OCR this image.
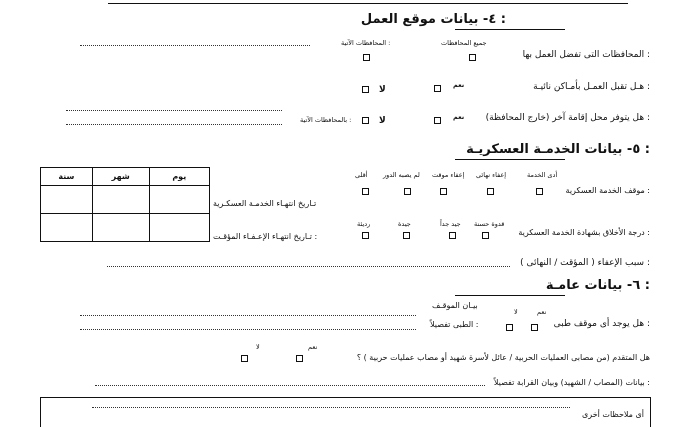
٤- بيانات موقع العمل :
جميع المحافظات
المحافظات الآتية :
المحافظات التى تفضل العمل بها :
هـل تقبل العمـل بأمـاكن نائيـة :
نعم
لا
هل يتوفر محل إقامة آخر (خارج المحافظة) :
نعم
لا
بالمحافظات الآتية :
٥- بيانات الخدمـة العسكريـة :
أدى الخدمة
إعفاء نهائى
إعفاء موقت
لم يصبه الدور
أقلى
موقف الخدمة العسكرية :
تـاريخ انتهـاء الخدمـة العسكـرية
قدوة حسنة
جيد جداً
جيدة
رديئة
درجة الأخلاق بشهادة الخدمة العسكرية :
تـاريخ انتهـاء الإعـفـاء المؤقـت :
سنة	شهر	يوم

سبب الإعفاء ( المؤقت / النهائى ) :
٦- بيانات عامـة :
نعم
لا
بيـان الموقـف
هل يوجد أى موقف طبى :
الطبى تفصيلاً :
نعم
لا
هل المتقدم (من مصابى العمليات الحربية / عائل لأسرة شهيد أو مصاب عمليات حربية ) ؟
بيانات (المصاب / الشهيد) وبيان القرابة تفصيلاً :
أى ملاحظات أخرى
